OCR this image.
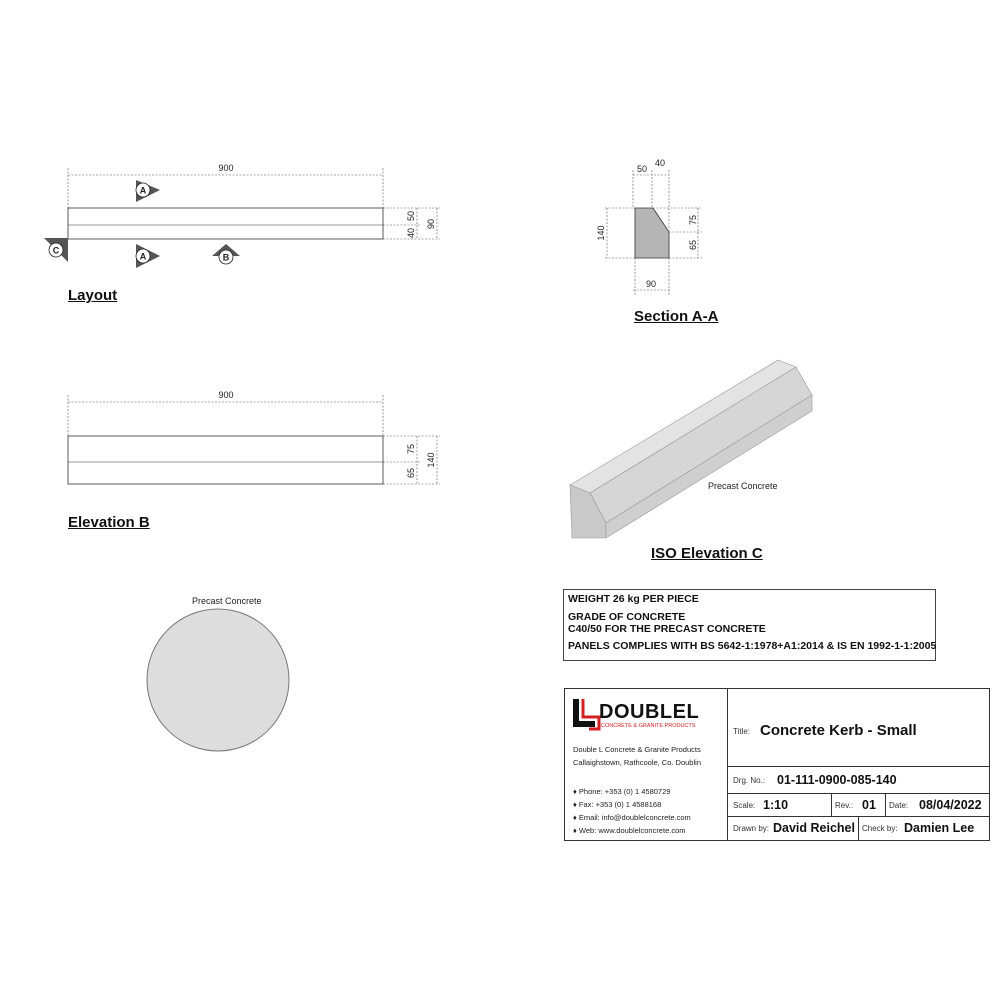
900
50
40
90
A
A	B
C
Layout
50
40
140
75
65
90
Section A-A
900
75
65
140
Elevation B
Precast Concrete
ISO Elevation C
Precast Concrete	WEIGHT 26 kg PER PIECE
GRADE OF CONCRETE
C40/50 FOR THE PRECAST CONCRETE
PANELS COMPLIES WITH BS 5642-1:1978+A1:2014 & IS EN 1992-1-1:2005
DOUBLEL
CONCRETE & GRANITE PRODUCTS
Double L Concrete & Granite Products
Callaighstown, Rathcoole, Co. Doublin
♦ Phone: +353 (0) 1 4580729
♦ Fax: +353 (0) 1 4588168
♦ Email: info@doublelconcrete.com
♦ Web: www.doublelconcrete.com
Title: Concrete Kerb - Small
Drg. No.: 01-111-0900-085-140
Scale: 1:10	Rev.: 01 Date: 08/04/2022
Drawn by: David Reichel Check by: Damien Lee
